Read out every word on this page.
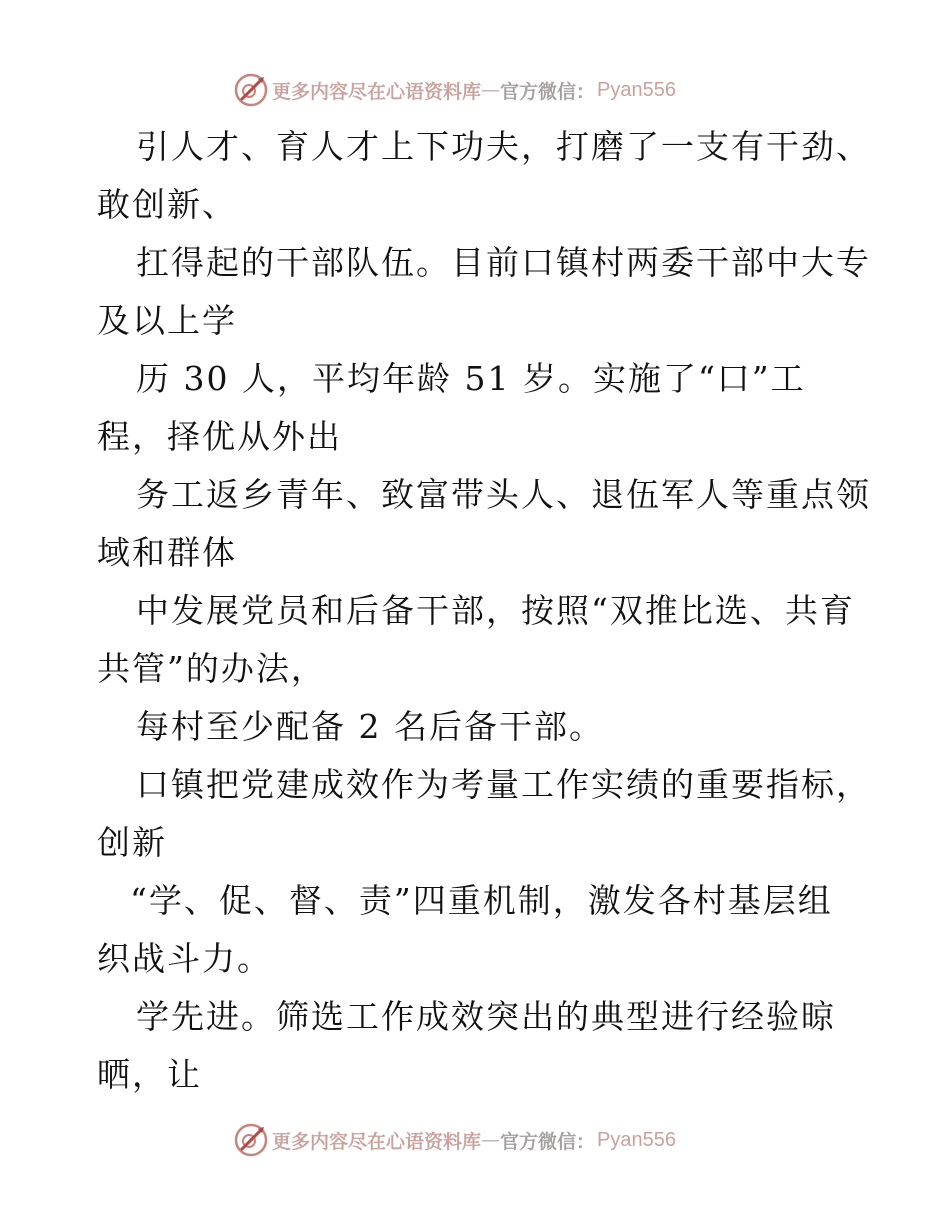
更多内容尽在心语资料库 — 官方微信： Pyan556
引人才、育人才上下功夫，打磨了一支有干劲、
敢创新、
扛得起的干部队伍。目前口镇村两委干部中大专
及以上学
历 30 人，平均年龄 51 岁。实施了“口”工
程，择优从外出
务工返乡青年、致富带头人、退伍军人等重点领
域和群体
中发展党员和后备干部，按照“双推比选、共育
共管”的办法，
每村至少配备 2 名后备干部。
口镇把党建成效作为考量工作实绩的重要指标，
创新
“学、促、督、责”四重机制，激发各村基层组
织战斗力。
学先进。筛选工作成效突出的典型进行经验晾
晒，让
更多内容尽在心语资料库 — 官方微信： Pyan556
